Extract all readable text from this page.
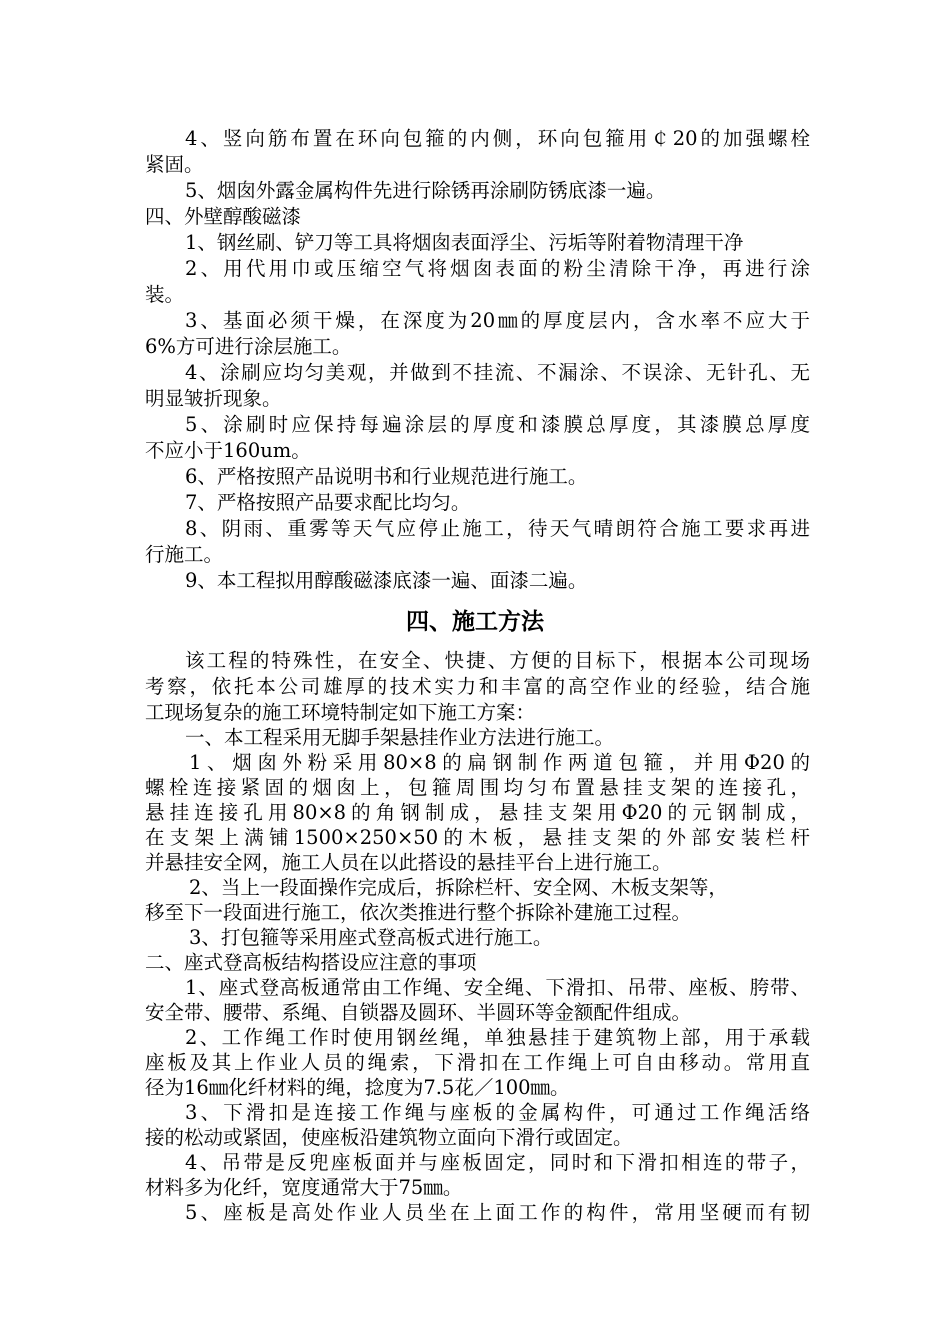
4、竖向筋布置在环向包箍的内侧，环向包箍用￠20的加强螺栓
紧固。
5、烟囱外露金属构件先进行除锈再涂刷防锈底漆一遍。
四、外壁醇酸磁漆
1、钢丝刷、铲刀等工具将烟囱表面浮尘、污垢等附着物清理干净
2、用代用巾或压缩空气将烟囱表面的粉尘清除干净，再进行涂
装。
3、基面必须干燥，在深度为20㎜的厚度层内，含水率不应大于
6%方可进行涂层施工。
4、涂刷应均匀美观，并做到不挂流、不漏涂、不误涂、无针孔、无
明显皱折现象。
5、涂刷时应保持每遍涂层的厚度和漆膜总厚度，其漆膜总厚度
不应小于160um。
6、严格按照产品说明书和行业规范进行施工。
7、严格按照产品要求配比均匀。
8、阴雨、重雾等天气应停止施工，待天气晴朗符合施工要求再进
行施工。
9、本工程拟用醇酸磁漆底漆一遍、面漆二遍。
四、施工方法
该工程的特殊性，在安全、快捷、方便的目标下，根据本公司现场
考察，依托本公司雄厚的技术实力和丰富的高空作业的经验，结合施
工现场复杂的施工环境特制定如下施工方案：
一、本工程采用无脚手架悬挂作业方法进行施工。
1、烟囱外粉采用80×8的扁钢制作两道包箍，并用Φ20的
螺栓连接紧固的烟囱上，包箍周围均匀布置悬挂支架的连接孔，
悬挂连接孔用80×8的角钢制成，悬挂支架用Φ20的元钢制成，
在支架上满铺1500×250×50的木板，悬挂支架的外部安装栏杆
并悬挂安全网，施工人员在以此搭设的悬挂平台上进行施工。
2、当上一段面操作完成后，拆除栏杆、安全网、木板支架等，
移至下一段面进行施工，依次类推进行整个拆除补建施工过程。
3、打包箍等采用座式登高板式进行施工。
二、座式登高板结构搭设应注意的事项
1、座式登高板通常由工作绳、安全绳、下滑扣、吊带、座板、胯带、
安全带、腰带、系绳、自锁器及圆环、半圆环等金额配件组成。
2、工作绳工作时使用钢丝绳，单独悬挂于建筑物上部，用于承载
座板及其上作业人员的绳索，下滑扣在工作绳上可自由移动。常用直
径为16㎜化纤材料的绳，捻度为7.5花／100㎜。
3、下滑扣是连接工作绳与座板的金属构件，可通过工作绳活络
接的松动或紧固，使座板沿建筑物立面向下滑行或固定。
4、吊带是反兜座板面并与座板固定，同时和下滑扣相连的带子，
材料多为化纤，宽度通常大于75㎜。
5、座板是高处作业人员坐在上面工作的构件，常用坚硬而有韧
